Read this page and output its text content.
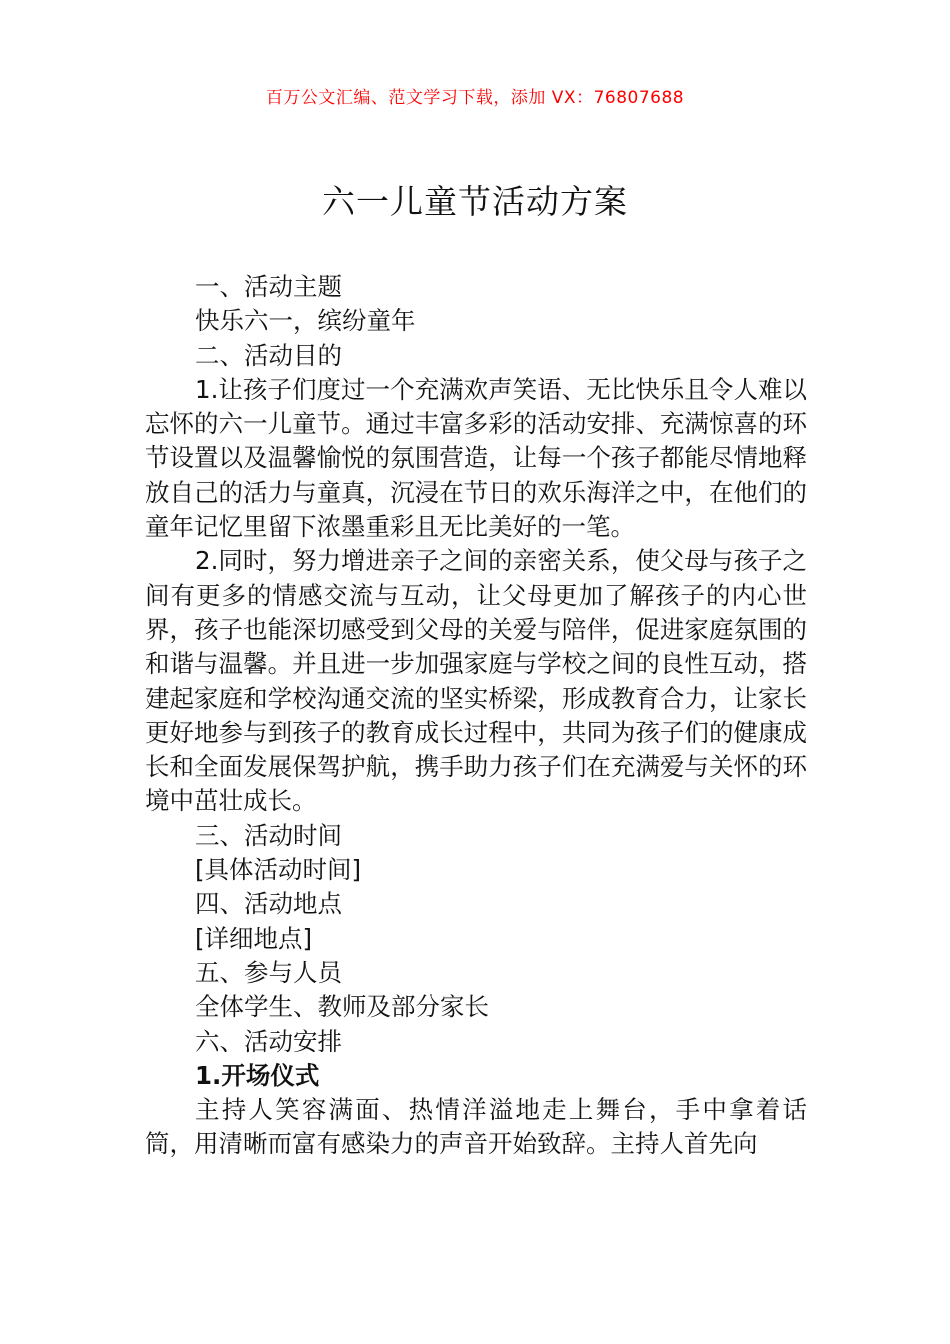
百万公文汇编、范文学习下载，添加 VX：76807688
六一儿童节活动方案

一、活动主题

快乐六一，缤纷童年

二、活动目的

1.让孩子们度过一个充满欢声笑语、无比快乐且令人难以忘怀的六一儿童节。通过丰富多彩的活动安排、充满惊喜的环节设置以及温馨愉悦的氛围营造，让每一个孩子都能尽情地释放自己的活力与童真，沉浸在节日的欢乐海洋之中，在他们的童年记忆里留下浓墨重彩且无比美好的一笔。

2.同时，努力增进亲子之间的亲密关系，使父母与孩子之间有更多的情感交流与互动，让父母更加了解孩子的内心世界，孩子也能深切感受到父母的关爱与陪伴，促进家庭氛围的和谐与温馨。并且进一步加强家庭与学校之间的良性互动，搭建起家庭和学校沟通交流的坚实桥梁，形成教育合力，让家长更好地参与到孩子的教育成长过程中，共同为孩子们的健康成长和全面发展保驾护航，携手助力孩子们在充满爱与关怀的环境中茁壮成长。

三、活动时间

[具体活动时间]

四、活动地点

[详细地点]

五、参与人员

全体学生、教师及部分家长

六、活动安排

1.开场仪式

主持人笑容满面、热情洋溢地走上舞台，手中拿着话筒，用清晰而富有感染力的声音开始致辞。主持人首先向
